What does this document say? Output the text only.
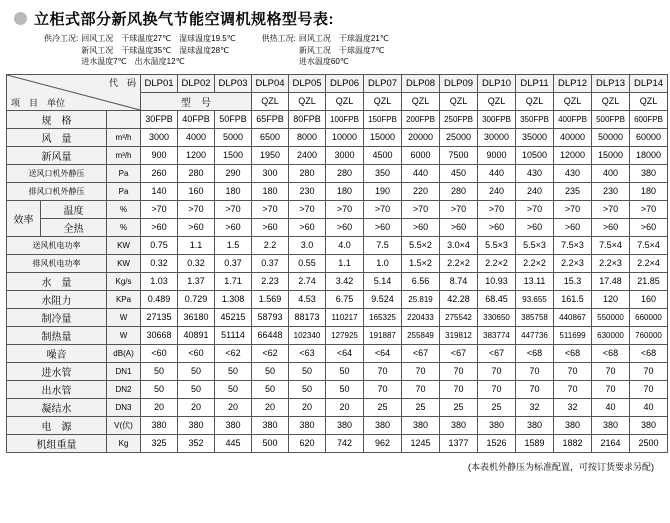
立柜式部分新风换气节能空调机规格型号表:
供冷工况: 回风工况　干球温度27℃　湿球温度19.5℃
新风工况　干球温度35℃　湿球温度28℃
进水温度7℃　出水温度12℃
供热工况: 回风工况　干球温度21℃
新风工况　干球温度7℃
进水温度60℃
代　码
项　目　单位			DLP01	DLP02	DLP03	DLP04	DLP05	DLP06	DLP07	DLP08	DLP09	DLP10	DLP11	DLP12	DLP13	DLP14	
			型　号			QZL	QZL	QZL	QZL	QZL	QZL	QZL	QZL	QZL	QZL	QZL			
规　格			30FPB	40FPB	50FPB	65FPB	80FPB	100FPB	150FPB	200FPB	250FPB	300FPB	350FPB	400FPB	500FPB	600FPB	
风　量		m³/h	3000	4000	5000	6500	8000	10000	15000	20000	25000	30000	35000	40000	50000	60000	
新风量		m³/h	900	1200	1500	1950	2400	3000	4500	6000	7500	9000	10500	12000	15000	18000	
送风口机外静压		Pa	260	280	290	300	280	280	350	440	450	440	430	430	400	380	
排风口机外静压		Pa	140	160	180	180	230	180	190	220	280	240	240	235	230	180	
效率	温度	%	>70	>70	>70	>70	>70	>70	>70	>70	>70	>70	>70	>70	>70	>70	
	全热	%	>60	>60	>60	>60	>60	>60	>60	>60	>60	>60	>60	>60	>60	>60	
送风机电功率		KW	0.75	1.1	1.5	2.2	3.0	4.0	7.5	5.5×2	3.0×4	5.5×3	5.5×3	7.5×3	7.5×4	7.5×4	
排风机电功率		KW	0.32	0.32	0.37	0.37	0.55	1.1	1.0	1.5×2	2.2×2	2.2×2	2.2×2	2.2×3	2.2×3	2.2×4	
水　量		Kg/s	1.03	1.37	1.71	2.23	2.74	3.42	5.14	6.56	8.74	10.93	13.11	15.3	17.48	21.85	
水阻力		KPa	0.489	0.729	1.308	1.569	4.53	6.75	9.524	25.819	42.28	68.45	93.655	161.5	120	160	
制冷量		W	27135	36180	45215	58793	88173	110217	165325	220433	275542	330650	385758	440867	550000	660000	
制热量		W	30668	40891	51114	66448	102340	127925	191887	255849	319812	383774	447736	511699	630000	760000	
噪音		dB(A)	<60	<60	<62	<62	<63	<64	<64	<67	<67	<67	<68	<68	<68	<68	
进水管		DN1	50	50	50	50	50	50	70	70	70	70	70	70	70	70	
出水管		DN2	50	50	50	50	50	50	70	70	70	70	70	70	70	70	
凝结水		DN3	20	20	20	20	20	20	25	25	25	25	32	32	40	40	
电　源		V(伏)	380	380	380	380	380	380	380	380	380	380	380	380	380	380	
机组重量		Kg	325	352	445	500	620	742	962	1245	1377	1526	1589	1882	2164	2500	
(本表机外静压为标准配置，可按订货要求另配)
